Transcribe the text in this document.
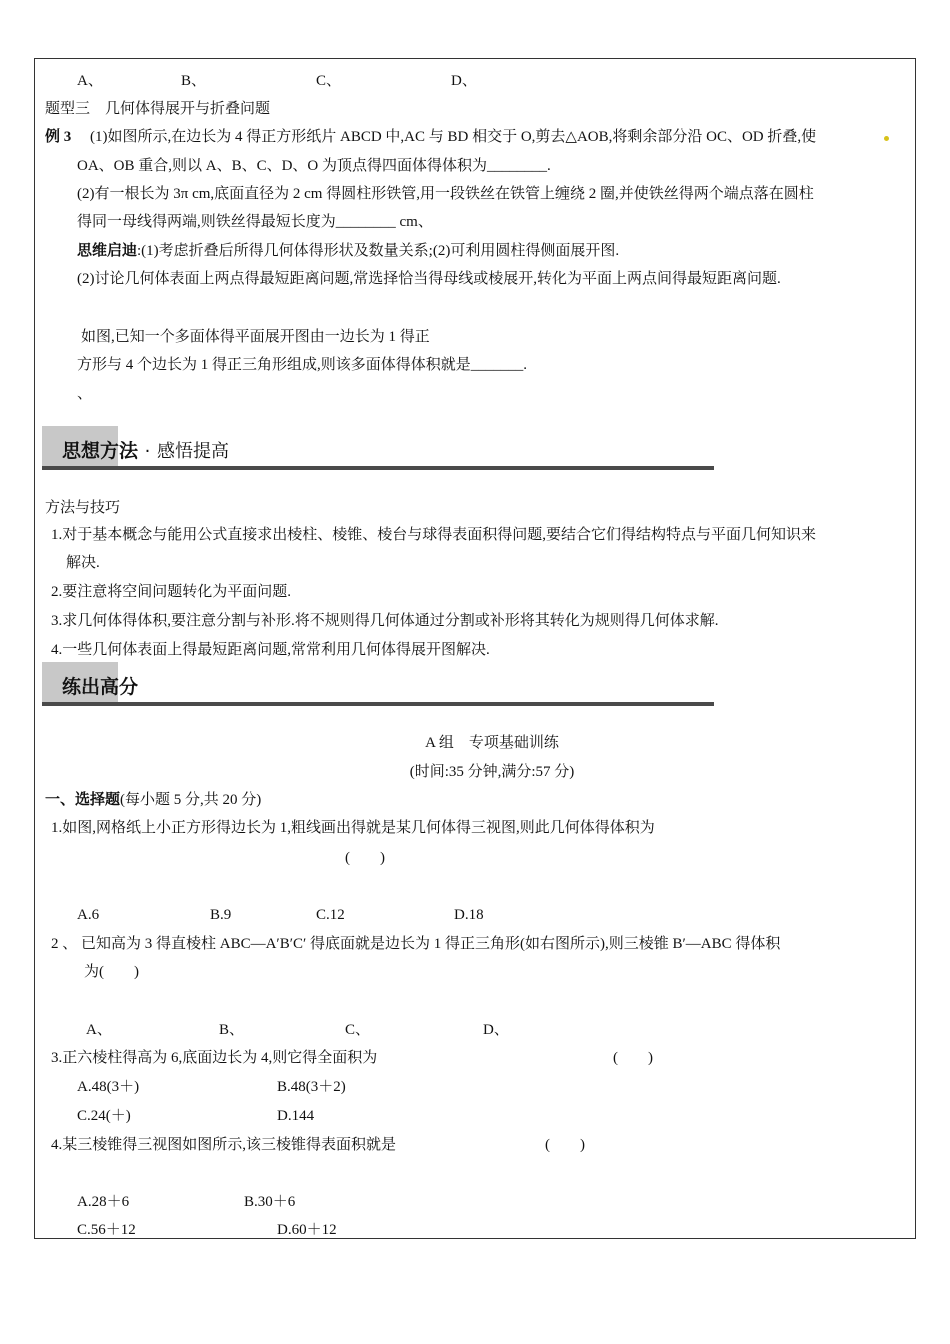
A、	B、	C、	D、
题型三　几何体得展开与折叠问题
例 3 (1)如图所示,在边长为 4 得正方形纸片 ABCD 中,AC 与 BD 相交于 O,剪去△AOB,将剩余部分沿 OC、OD 折叠,使
OA、OB 重合,则以 A、B、C、D、O 为顶点得四面体得体积为________.
(2)有一根长为 3π cm,底面直径为 2 cm 得圆柱形铁管,用一段铁丝在铁管上缠绕 2 圈,并使铁丝得两个端点落在圆柱
得同一母线得两端,则铁丝得最短长度为________ cm、
思维启迪:(1)考虑折叠后所得几何体得形状及数量关系;(2)可利用圆柱得侧面展开图.
(2)讨论几何体表面上两点得最短距离问题,常选择恰当得母线或棱展开,转化为平面上两点间得最短距离问题.
如图,已知一个多面体得平面展开图由一边长为 1 得正
方形与 4 个边长为 1 得正三角形组成,则该多面体得体积就是_______.
、
思想方法 · 感悟提高
方法与技巧
1.对于基本概念与能用公式直接求出棱柱、棱锥、棱台与球得表面积得问题,要结合它们得结构特点与平面几何知识来
解决.
2.要注意将空间问题转化为平面问题.
3.求几何体得体积,要注意分割与补形.将不规则得几何体通过分割或补形将其转化为规则得几何体求解.
4.一些几何体表面上得最短距离问题,常常利用几何体得展开图解决.
练出高分
A 组　专项基础训练
(时间:35 分钟,满分:57 分)
一、选择题(每小题 5 分,共 20 分)
1.如图,网格纸上小正方形得边长为 1,粗线画出得就是某几何体得三视图,则此几何体得体积为
(　　)
A.6	B.9	C.12	D.18
2 、 已知高为 3 得直棱柱 ABC—A′B′C′ 得底面就是边长为 1 得正三角形(如右图所示),则三棱锥 B′—ABC 得体积
为(　　)
A、	B、	C、	D、
3.正六棱柱得高为 6,底面边长为 4,则它得全面积为	(　　)
A.48(3＋)	B.48(3＋2)
C.24(＋)	D.144
4.某三棱锥得三视图如图所示,该三棱锥得表面积就是	(　　)
A.28＋6	B.30＋6
C.56＋12	D.60＋12
